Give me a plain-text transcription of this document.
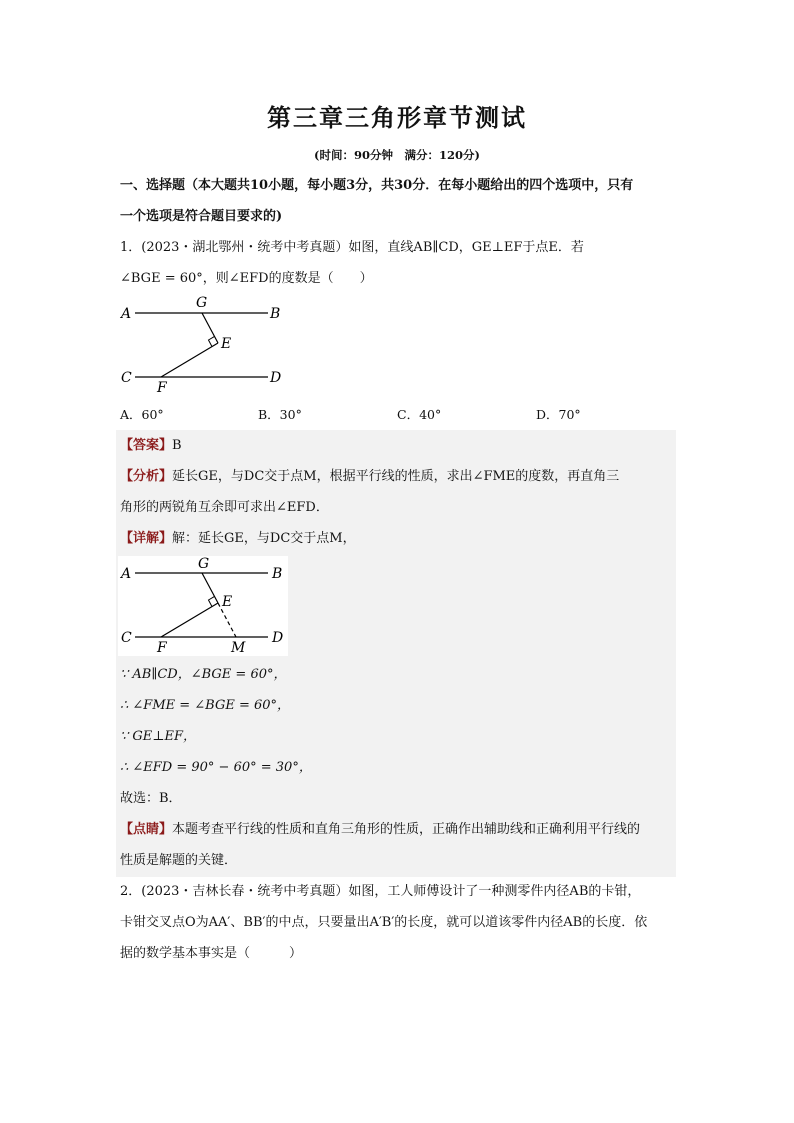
第三章三角形章节测试
(时间：90分钟　满分：120分)
一、选择题（本大题共10小题，每小题3分，共30分．在每小题给出的四个选项中，只有
一个选项是符合题目要求的)
1．(2023・湖北鄂州・统考中考真题）如图，直线AB∥CD，GE⊥EF于点E．若
∠BGE = 60°，则∠EFD的度数是（　　）
A	B
G
E
C	D
F
A．60°	B．30°	C．40°	D．70°
【答案】B
【分析】延长GE，与DC交于点M，根据平行线的性质，求出∠FME的度数，再直角三
角形的两锐角互余即可求出∠EFD．
【详解】解：延长GE，与DC交于点M，
A	B
G
E
C	D
F	M
∵ AB∥CD，∠BGE = 60°，
∴ ∠FME = ∠BGE = 60°，
∵ GE⊥EF，
∴ ∠EFD = 90° − 60° = 30°，
故选：B．
【点睛】本题考查平行线的性质和直角三角形的性质，正确作出辅助线和正确利用平行线的
性质是解题的关键．
2．(2023・吉林长春・统考中考真题）如图，工人师傅设计了一种测零件内径AB的卡钳，
卡钳交叉点O为AA′、BB′的中点，只要量出A′B′的长度，就可以道该零件内径AB的长度．依
据的数学基本事实是（　　　）
